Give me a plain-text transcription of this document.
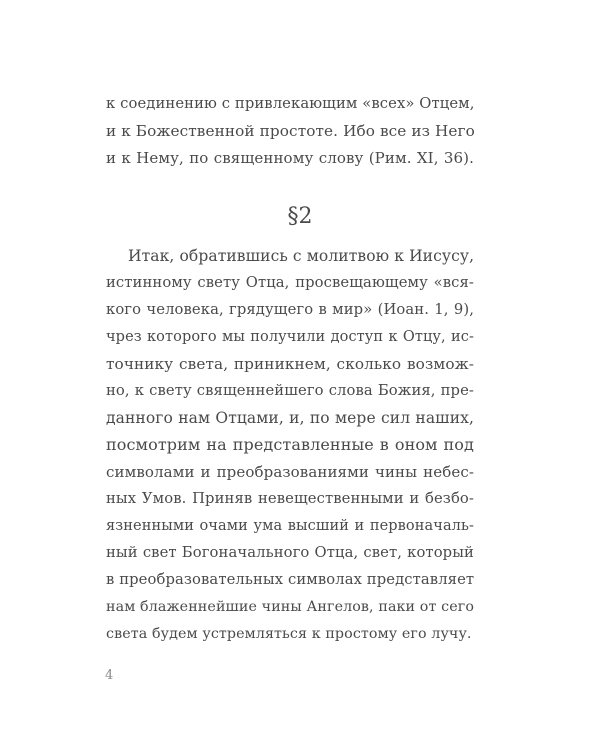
к соединению с привлекающим «всех» Отцем,
и к Божественной простоте. Ибо все из Него
и к Нему, по священному слову (Рим. XI, 36).
§2
Итак, обратившись с молитвою к Иисусу,
истинному свету Отца, просвещающему «вся-
кого человека, грядущего в мир» (Иоан. 1, 9),
чрез которого мы получили доступ к Отцу, ис-
точнику света, приникнем, сколько возмож-
но, к свету священнейшего слова Божия, пре-
данного нам Отцами, и, по мере сил наших,
посмотрим на представленные в оном под
символами и преобразованиями чины небес-
ных Умов. Приняв невещественными и безбо-
язненными очами ума высший и первоначаль-
ный свет Богоначального Отца, свет, который
в преобразовательных символах представляет
нам блаженнейшие чины Ангелов, паки от сего
света будем устремляться к простому его лучу.
4
